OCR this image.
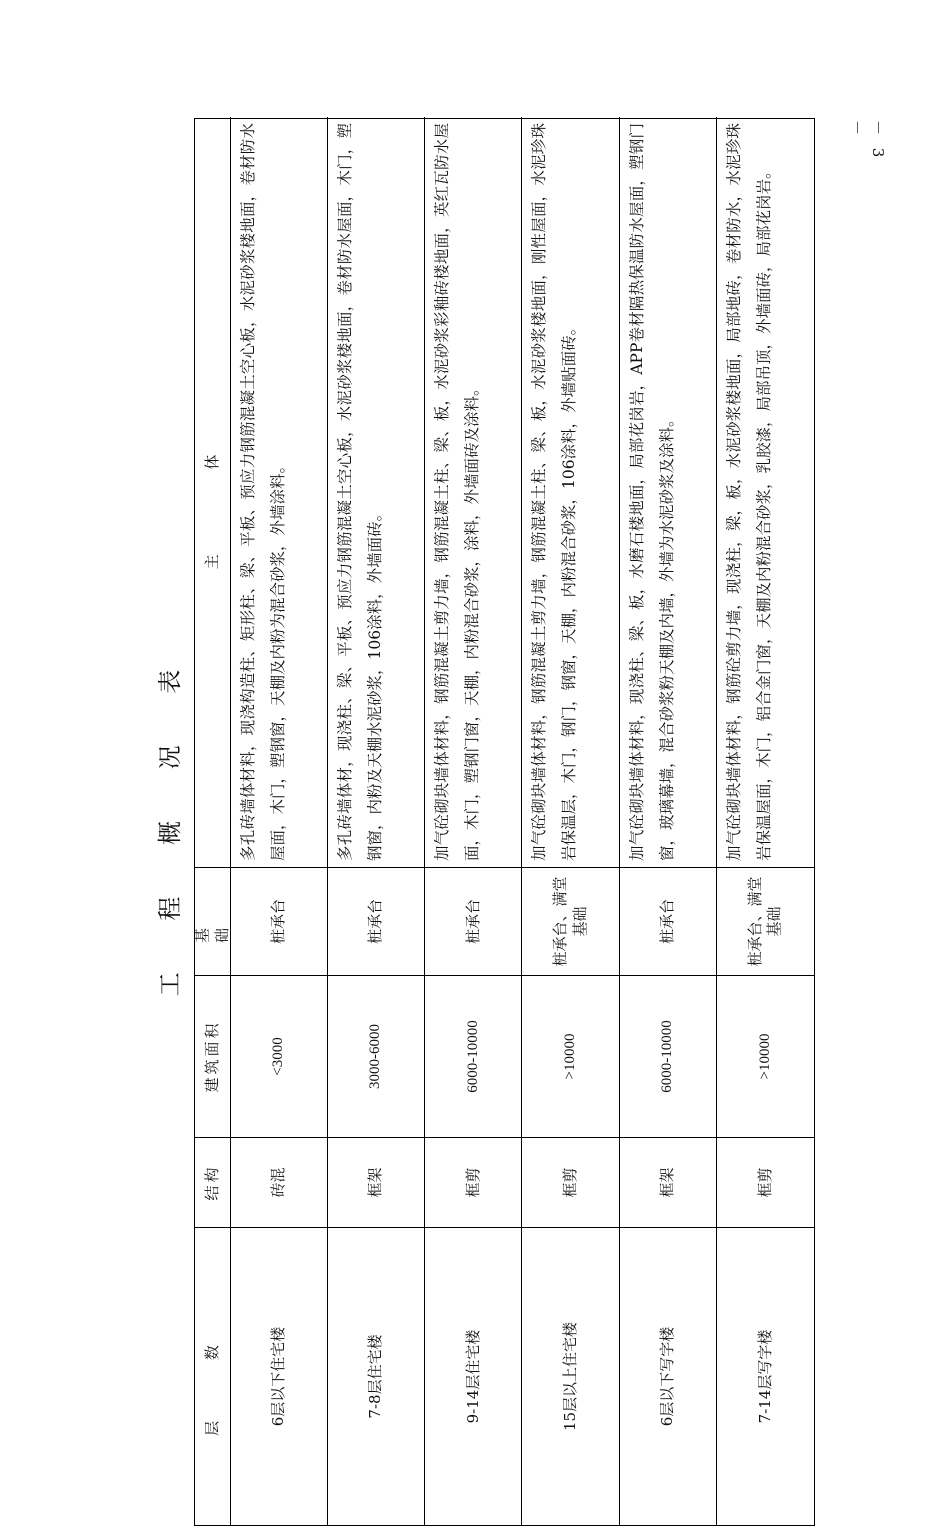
－ 3 －
工 程 概 况 表
层 数
结构
建筑面积
基 础
主 体
6层以下住宅楼
砖混
<3000
桩承台
多孔砖墙体材料，现浇构造柱、矩形柱、梁、平板、预应力钢筋混凝土空心板，水泥砂浆楼地面，卷材防水屋面，木门，塑钢窗，天棚及内粉为混合砂浆，外墙涂料。
7-8层住宅楼
框架
3000-6000
桩承台
多孔砖墙体材，现浇柱、梁、平板、预应力钢筋混凝土空心板，水泥砂浆楼地面，卷材防水屋面，木门，塑钢窗，内粉及天棚水泥砂浆，106涂料，外墙面砖。
9-14层住宅楼
框剪
6000-10000
桩承台
加气砼砌块墙体材料，钢筋混凝土剪力墙，钢筋混凝土柱、梁、板，水泥砂浆彩釉砖楼地面，英红瓦防水屋面，木门，塑钢门窗，天棚，内粉混合砂浆，涂料，外墙面砖及涂料。
15层以上住宅楼
框剪
>10000
桩承台、满堂基础
加气砼砌块墙体材料，钢筋混凝土剪力墙，钢筋混凝土柱、梁、板，水泥砂浆楼地面，刚性屋面，水泥珍珠岩保温层，木门，钢门，钢窗，天棚，内粉混合砂浆，106涂料，外墙贴面砖。
6层以下写字楼
框架
6000-10000
桩承台
加气砼砌块墙体材料，现浇柱、梁、板，水磨石楼地面，局部花岗岩，APP卷材隔热保温防水屋面，塑钢门窗，玻璃幕墙，混合砂浆粉天棚及内墙，外墙为水泥砂浆及涂料。
7-14层写字楼
框剪
>10000
桩承台、满堂基础
加气砼砌块墙体材料，钢筋砼剪力墙，现浇柱，梁，板，水泥砂浆楼地面，局部地砖，卷材防水，水泥珍珠岩保温屋面，木门，铝合金门窗，天棚及内粉混合砂浆，乳胶漆，局部吊顶，外墙面砖，局部花岗岩。
